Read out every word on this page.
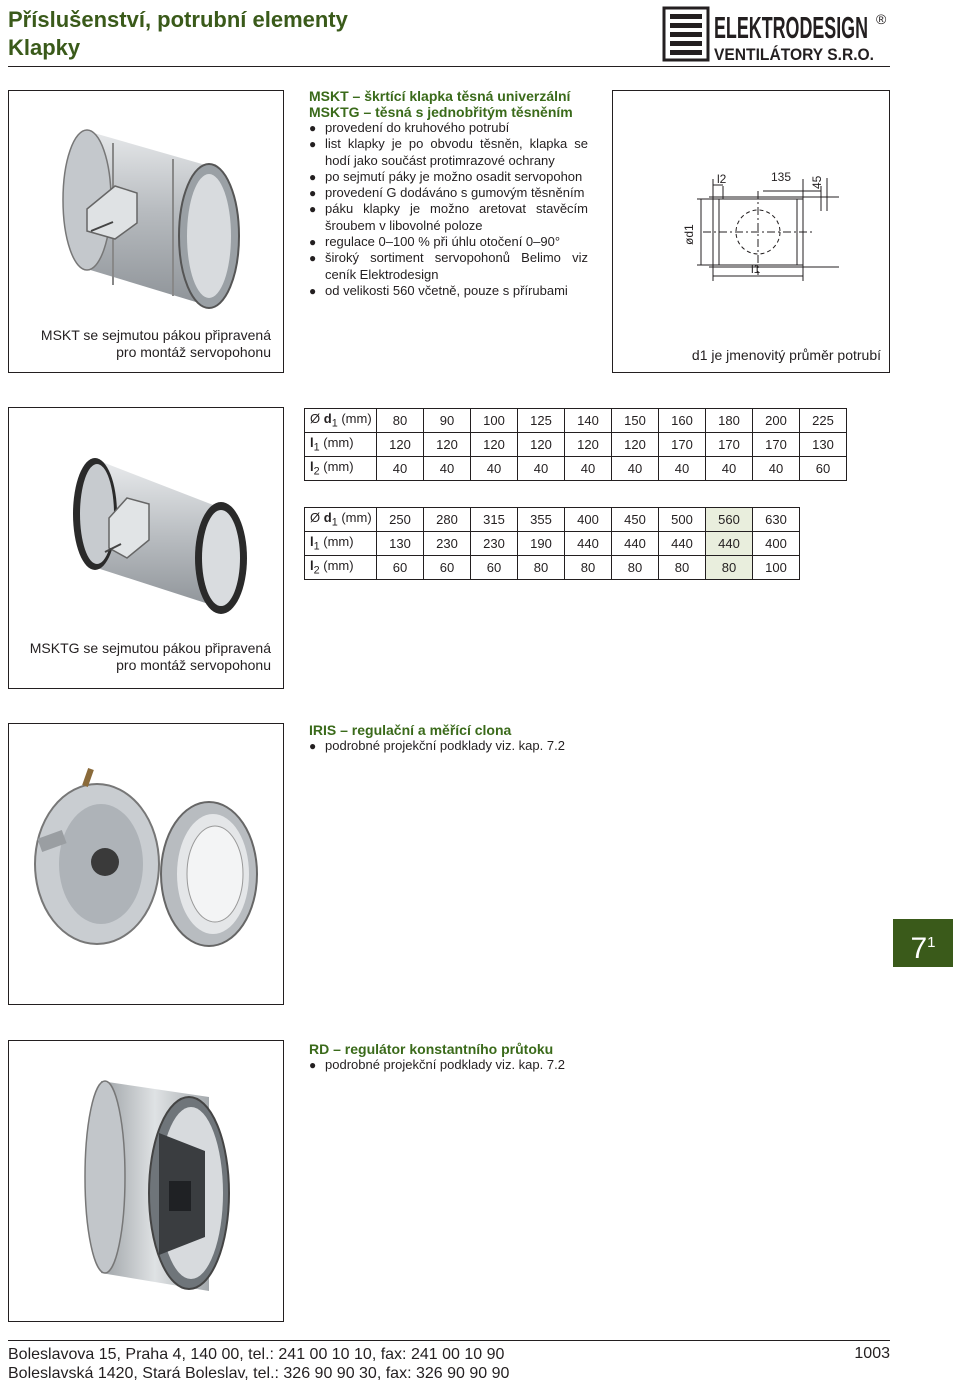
Příslušenství, potrubní elementy
Klapky
ELEKTRODESIGN
VENTILÁTORY S.R.O.
®
MSKT se sejmutou pákou připravená
pro montáž servopohonu
MSKT – škrtící klapka těsná univerzální
MSKTG – těsná s jednobřitým těsněním
● provedení do kruhového potrubí
● list klapky je po obvodu těsněn, klapka se hodí jako součást protimrazové ochrany
● po sejmutí páky je možno osadit servopohon
● provedení G dodáváno s gumovým těsněním
● páku klapky je možno aretovat stavěcím šroubem v libovolné poloze
● regulace 0–100 % při úhlu otočení 0–90°
● široký sortiment servopohonů Belimo viz ceník Elektrodesign
● od velikosti 560 včetně, pouze s přírubami
l2	135 45
ød1
l1
d1 je jmenovitý průměr potrubí
MSKTG se sejmutou pákou připravená
pro montáž servopohonu
Ø $d_1$ (mm)	80	90	100	125	140	150	160	180	200	225
$l_1$ (mm)	120	120	120	120	120	120	170	170	170	130
$l_2$ (mm)	40	40	40	40	40	40	40	40	40	60
Ø $d_1$ (mm)	250	280	315	355	400	450	500	560	630
$l_1$ (mm)	130	230	230	190	440	440	440	440	400
$l_2$ (mm)	60	60	60	80	80	80	80	80	100
IRIS – regulační a měřící clona
● podrobné projekční podklady viz. kap. 7.2
$7^1$
RD – regulátor konstantního průtoku
● podrobné projekční podklady viz. kap. 7.2
Boleslavova 15, Praha 4, 140 00, tel.: 241 00 10 10, fax: 241 00 10 90
Boleslavská 1420, Stará Boleslav, tel.: 326 90 90 30, fax: 326 90 90 90
1003
